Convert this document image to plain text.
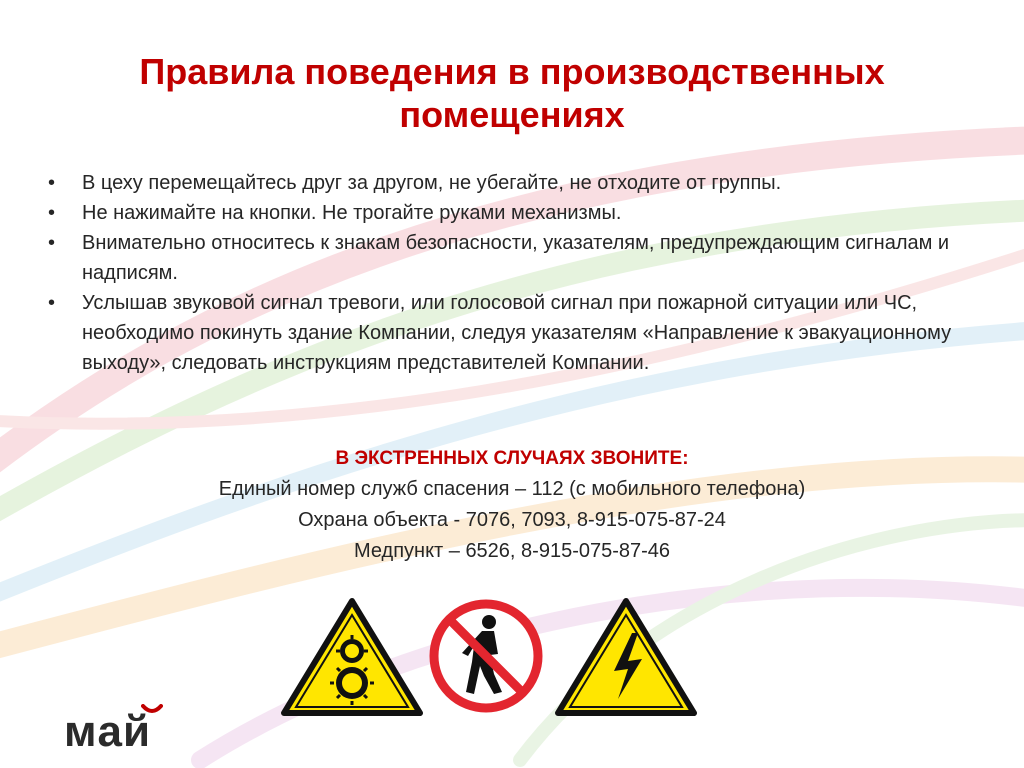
Правила поведения в производственных помещениях
• В цеху перемещайтесь друг за другом, не убегайте, не отходите от группы.
• Не нажимайте на кнопки. Не трогайте руками механизмы.
• Внимательно относитесь к знакам безопасности, указателям, предупреждающим сигналам и надписям.
• Услышав звуковой сигнал тревоги, или голосовой сигнал при пожарной ситуации или ЧС, необходимо покинуть здание Компании, следуя указателям «Направление к эвакуационному выходу», следовать инструкциям представителей Компании.
В ЭКСТРЕННЫХ СЛУЧАЯХ ЗВОНИТЕ:
Единый номер служб спасения – 112 (с мобильного телефона)
Охрана объекта - 7076, 7093, 8-915-075-87-24
Медпункт – 6526, 8-915-075-87-46
мaй
